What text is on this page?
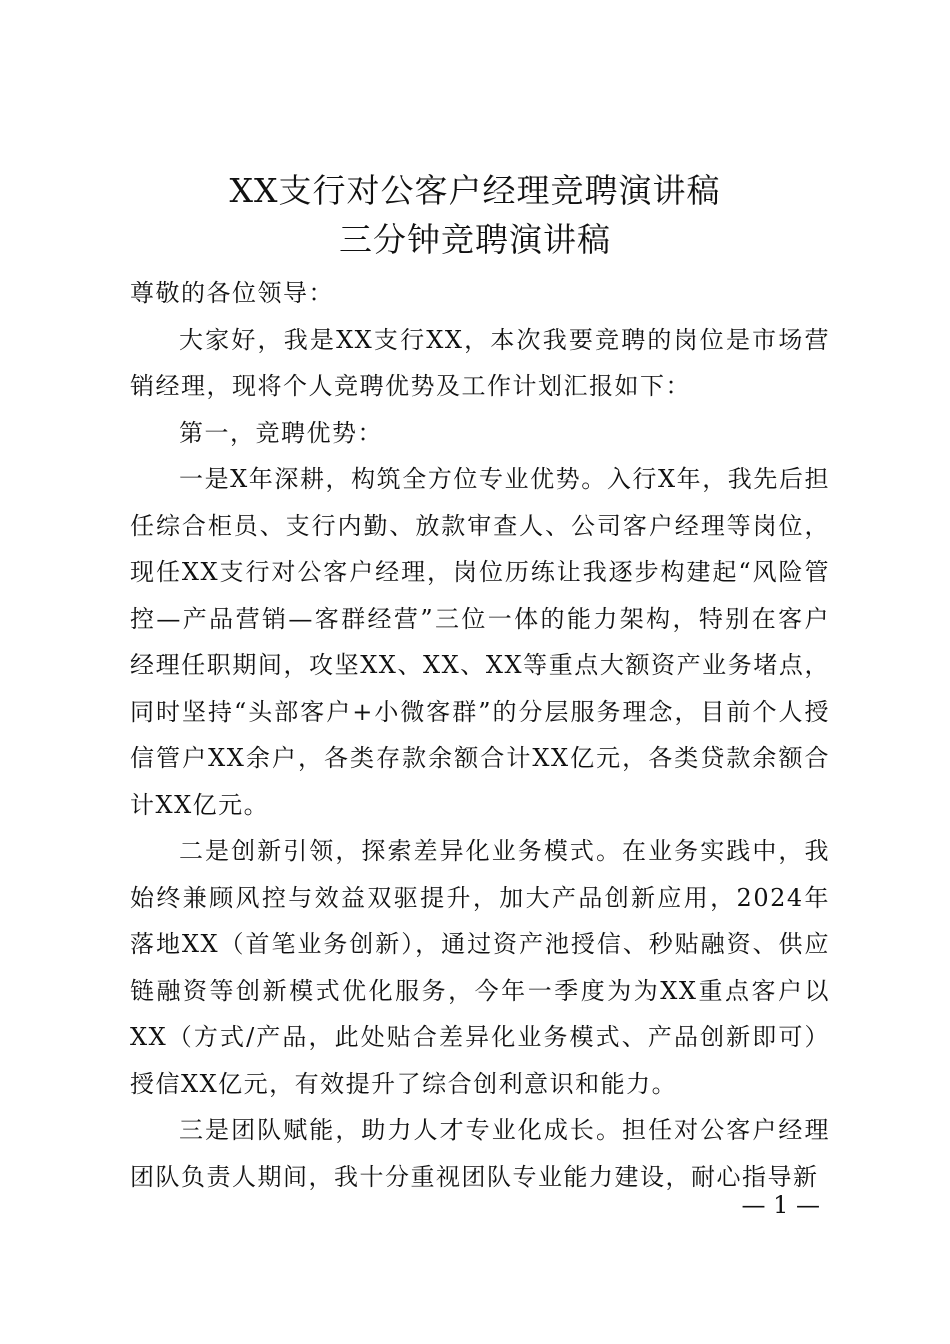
XX支行对公客户经理竞聘演讲稿
三分钟竞聘演讲稿

尊敬的各位领导：

大家好，我是XX支行XX，本次我要竞聘的岗位是市场营销经理，现将个人竞聘优势及工作计划汇报如下：

第一，竞聘优势：

一是X年深耕，构筑全方位专业优势。入行X年，我先后担任综合柜员、支行内勤、放款审查人、公司客户经理等岗位，现任XX支行对公客户经理，岗位历练让我逐步构建起“风险管控—产品营销—客群经营”三位一体的能力架构，特别在客户经理任职期间，攻坚XX、XX、XX等重点大额资产业务堵点，同时坚持“头部客户+小微客群”的分层服务理念，目前个人授信管户XX余户，各类存款余额合计XX亿元，各类贷款余额合计XX亿元。

二是创新引领，探索差异化业务模式。在业务实践中，我始终兼顾风控与效益双驱提升，加大产品创新应用，2024年落地XX（首笔业务创新），通过资产池授信、秒贴融资、供应链融资等创新模式优化服务，今年一季度为为XX重点客户以XX（方式/产品，此处贴合差异化业务模式、产品创新即可）授信XX亿元，有效提升了综合创利意识和能力。

三是团队赋能，助力人才专业化成长。担任对公客户经理团队负责人期间，我十分重视团队专业能力建设，耐心指导新

— 1 —
